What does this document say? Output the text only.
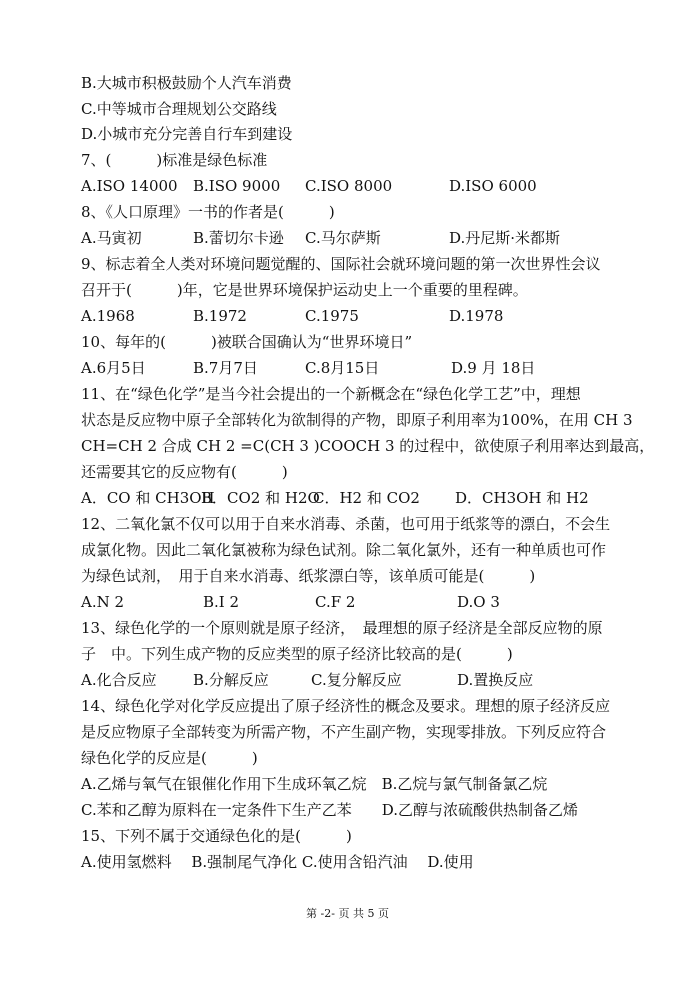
B.大城市积极鼓励个人汽车消费
C.中等城市合理规划公交路线
D.小城市充分完善自行车到建设
7、(　　　)标准是绿色标准
A.ISO 14000 B.ISO 9000 C.ISO 8000	D.ISO 6000
8、《人口原理》一书的作者是(　　　)
A.马寅初	B.蕾切尔卡逊 C.马尔萨斯	D.丹尼斯·米都斯
9、标志着全人类对环境问题觉醒的、国际社会就环境问题的第一次世界性会议
召开于(　　　)年，它是世界环境保护运动史上一个重要的里程碑。
A.1968	B.1972	C.1975	D.1978
10、每年的(　　　)被联合国确认为“世界环境日”
A.6月5日	B.7月7日	C.8月15日	D.9 月 18日
11、在“绿色化学”是当今社会提出的一个新概念在“绿色化学工艺”中，理想
状态是反应物中原子全部转化为欲制得的产物，即原子利用率为100%，在用 CH 3
CH=CH 2 合成 CH 2 =C(CH 3 )COOCH 3 的过程中，欲使原子利用率达到最高，
还需要其它的反应物有(　　　)
A．CO 和 CH3OH
B．CO2 和 H2O
C．H2 和 CO2 D．CH3OH 和 H2
12、二氧化氯不仅可以用于自来水消毒、杀菌，也可用于纸浆等的漂白，不会生
成氯化物。因此二氧化氯被称为绿色试剂。除二氧化氯外，还有一种单质也可作
为绿色试剂，　用于自来水消毒、纸浆漂白等，该单质可能是(　　　)
A.N 2	B.I 2	C.F 2	D.O 3
13、绿色化学的一个原则就是原子经济，　最理想的原子经济是全部反应物的原
子　中。下列生成产物的反应类型的原子经济比较高的是(　　　)
A.化合反应 B.分解反应	C.复分解反应	D.置换反应
14、绿色化学对化学反应提出了原子经济性的概念及要求。理想的原子经济反应
是反应物原子全部转变为所需产物，不产生副产物，实现零排放。下列反应符合
绿色化学的反应是(　　　)
A.乙烯与氧气在银催化作用下生成环氧乙烷　B.乙烷与氯气制备氯乙烷
C.苯和乙醇为原料在一定条件下生产乙苯　　D.乙醇与浓硫酸供热制备乙烯
15、下列不属于交通绿色化的是(　　　)
A.使用氢燃料　 B.强制尾气净化 C.使用含铅汽油　 D.使用
第 -2- 页 共 5 页
